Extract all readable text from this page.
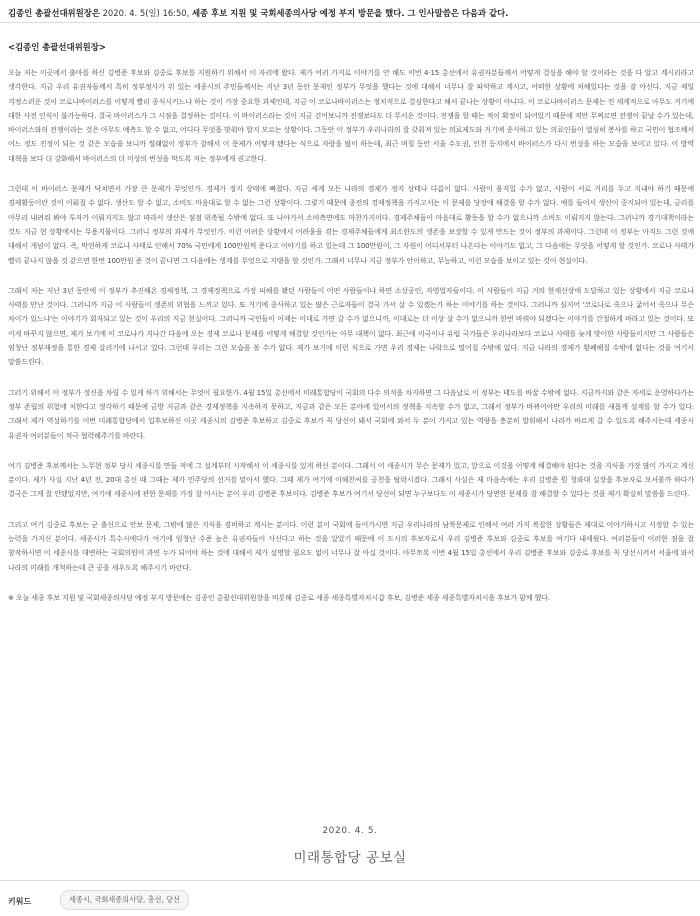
김종인 총괄선대위원장은 2020. 4. 5(일) 16:50, 세종 후보 지원 및 국회세종의사당 예정 부지 방문을 했다. 그 인사말씀은 다음과 같다.
<김종인 총괄선대위원장>

오늘 저는 이곳에서 출마를 하신 김병준 후보와 김중로 후보를 지원하기 위해서 이 자리에 왔다. 제가 여러 가지로 이야기를 안 해도 이번 4·15 총선에서 유권자분들께서 어떻게 결심을 해야 할 것이라는 것을 다 알고 계시리라고 생각한다. 지금 우리 유권자들께서 특히 정부정사가 위 있는 세종시의 주민들께서는 지난 3년 동안 문재인 정부가 무엇을 했다는 것에 대해서 너무나 잘 파악하고 계시고, 어떠한 상황에 처해있다는 것을 잘 아신다. 지금 제일 걱정스러운 것이 코로나바이러스를 어떻게 빨리 종식시키느냐 하는 것이 가장 중요한 과제인데, 지금 이 코로나바이러스는 정치적으로 결심한다고 해서 끝나는 상황이 아니다. 이 코로나바이러스 문제는 전 세계적으로 아무도 거기에 대한 사전 인식이 불가능하다. 결국 바이러스가 그 시점을 결정하는 것이다. 이 바이러스라는 것이 지금 걷어보니까 전쟁보다도 더 무서운 것이다. 전쟁을 할 때는 적이 확정이 되어있기 때문에 적만 무찌르면 전쟁이 끝날 수가 있는데, 바이러스와의 전쟁이라는 것은 아무도 예측도 할 수 없고, 어디다 무엇을 맞춰야 할지 모르는 상황이다. 그동안 이 정부가 우리나라의 잘 갖춰져 있는 의료제도와 거기에 종사하고 있는 의료인들이 열심히 봉사를 하고 국민이 협조해서 어느 정도 진정이 되는 것 같은 모습을 보니까 썰래없이 정부가 잘해서 이 문제가 어떻게 됐다는 식으로 자랑을 많이 하는데, 최근 며칠 동안 서울 수도권, 인천 등지에서 바이러스가 다시 번성을 하는 모습을 보이고 있다. 이 방역 대책을 보다 더 강화해서 바이러스의 더 이상의 번성을 막도록 저는 정부에게 권고한다.

그런데 이 바이러스 문제가 닥치면서 가장 큰 문제가 무엇인가. 경제가 정지 상태에 빠졌다. 지금 세계 모든 나라의 경제가 정지 상태나 다름이 없다. 사람이 움직일 수가 없고, 사람이 서로 거리를 두고 지내야 하기 때문에 경제활동이란 것이 이뤄질 수 없다. 생산도 할 수 없고, 소비도 마음대로 할 수 없는 그런 상황이다. 그렇기 때문에 종전의 경제정책을 가지고서는 이 문제를 당장에 해결을 할 수가 없다. 예를 들어서 생산이 중지되어 있는데, 금리를 아무리 내려줘 봐야 투자가 이뤄지지도 않고 따라서 생산은 점점 위축될 수밖에 없다. 또 나아가서 소비측면에도 마찬가지이다. 경제주체들이 마음대로 활동을 할 수가 없으니까 소비도 이뤄지지 않는다. 그러니까 경기대책이라는 것도 지금 현 상황에서는 무용지물이다. 그러니 정부의 과제가 무엇인가. 이런 어려운 상황에서 어려움을 겪는 경제주체들에게 최소한도의 생존을 보장할 수 있게 만드는 것이 정부의 과제이다. 그런데 이 정부는 아직도 그런 것에 대해서 개념이 없다. 즉, 막연하게 코로나 사태로 인해서 70% 국민에게 100만원씩 준다고 이야기를 하고 있는데 그 100만원이, 그 자원이 어디서부터 나온다는 이야기도 없고, 그 다음에는 무엇을 어떻게 할 것인가. 코로나 사태가 빨리 끝나지 않을 것 같으면 한번 100만원 준 것이 끝나면 그 다음에는 생계를 무엇으로 지탱을 할 것인가. 그래서 너무나 지금 정부가 안이하고, 무능하고, 이런 모습을 보이고 있는 것이 현실이다.

그래서 저는 지난 3년 동안에 이 정부가 추진해온 경제정책, 그 경제정책으로 가장 피해를 봤던 사람들이 어떤 사람들이냐 하면 소상공인, 자영업자들이다. 이 사람들이 지금 거의 한계선상에 도달하고 있는 상황에서 지금 코로나 사태를 만난 것이다. 그러니까 지금 이 사람들이 생존의 위협을 느끼고 있다. 또 거기에 종사하고 있는 많은 근로자들이 결국 가서 살 수 있겠는가 하는 이야기를 하는 것이다. 그러니까 심지어 '코로나로 죽으나 굶어서 죽으나 무슨 차이가 있느냐'는 이야기가 회자되고 있는 것이 우리의 지금 현실이다. 그러니까 국민들이 이제는 이대로 가면 갈 수가 없으니까, 이대로는 더 이상 살 수가 없으니까 한번 바꿔야 되겠다는 이야기를 간절하게 바라고 있는 것이다. 또 이게 바꾸지 않으면, 제가 보기에 이 코로나가 지나간 다음에 오는 경제 코로나 문제를 어떻게 해결할 것인가는 아무 대책이 없다. 최근에 미국이나 유럽 국가들은 우리나라보다 코로나 사태를 늦게 맞이한 사람들이지만 그 사람들은 엄청난 정부재정을 통한 경제 살리기에 나서고 있다. 그런데 우리는 그런 모습을 볼 수가 없다. 제가 보기에 이런 식으로 가면 우리 경제는 나락으로 떨어질 수밖에 없다. 지금 나라의 경제가 황폐해질 수밖에 없다는 것을 여기서 말씀드린다.

그러기 위해서 이 정부가 정신을 차릴 수 있게 하기 위해서는 무엇이 필요한가. 4월 15일 총선에서 미래통합당이 국회의 다수 의석을 차지하면 그 다음날로 이 정부는 태도를 바꿀 수밖에 없다. 지금까지와 같은 자세로 운영하다가는 정부 존립의 위험에 처한다고 생각하기 때문에 금방 지금과 같은 경제정책을 지속하지 못하고, 지금과 같은 모든 분야에 있어서의 정책을 지속할 수가 없고, 그래서 정부가 바뀌어야만 우리의 미래를 새롭게 설계를 할 수가 있다. 그래서 제가 역설하기를 이번 미래통합당에서 입후보하신 이곳 세종시의 김병준 후보하고 김중로 후보가 꼭 당선이 돼서 국회에 와서 두 분이 가지고 있는 역량을 충분히 발휘해서 나라가 바르게 갈 수 있도록 해주시는데 세종시 유권자 여러분들이 적극 협력해주기를 바란다.

여기 김병준 후보께서는 노무현 정부 당시 세종시를 만들 적에 그 설계부터 시작해서 이 세종시를 있게 하신 분이다. 그래서 이 세종시가 무슨 문제가 있고, 앞으로 이것을 어떻게 해결해야 된다는 것을 지식을 가장 많이 가지고 계신 분이다. 제가 사실 지난 4년 전, 20대 총선 때 그때는 제가 민주당의 선거를 맡아서 했다. 그때 제가 여기에 이해찬씨를 공천을 탈락시켰다. 그래서 사실은 제 마음속에는 우리 김병준 뭔 청와대 실장을 후보자로 모셔볼까 하다가 결국은 그게 잘 안됐었지만, 여기에 세종시에 관한 문제를 가장 잘 아시는 분이 우리 김병준 후보이다. 김병준 후보가 여기서 당선이 되면 누구보다도 이 세종시가 당면한 문제를 잘 해결할 수 있다는 것을 제가 확실히 말씀을 드린다.

그리고 여기 김중로 후보는 군 출신으로 안보 문제, 그밖에 많은 지식을 겸비하고 계시는 분이다. 이런 분이 국회에 들어가시면 지금 우리나라의 남북문제로 인해서 여러 가지 복잡한 상황들은 제대로 이야기하시고 시정할 수 있는 능력을 가지신 분이다. 세종시가 특수시에다가 여기에 엄청난 수준 높은 유권자들이 사신다고 하는 것을 알았기 때문에 이 도시의 후보자로서 우리 김병준 후보와 김중로 후보를 여기다 내세웠다. 여러분들이 이러한 점을 잘 참작하시면 이 세종시를 대변하는 국회의원이 과연 누가 되어야 하는 것에 대해서 제가 설명할 필요도 없이 너무나 잘 아실 것이다. 아무쪼록 이번 4월 15일 총선에서 우리 김병준 후보와 김중로 후보를 꼭 당선시켜서 서울에 와서 나라의 미래를 개척하는데 큰 공을 세우도록 해주시기 바란다.

※ 오늘 세종 후보 지원 및 국회세종의사당 예정 부지 방문에는 김종인 총괄선대위원장을 비롯해 김중로 세종 세종특별자치시갑 후보, 김병준 세종 세종특별자치시을 후보가 함께 했다.

2020. 4. 5.
미래통합당 공보실
키워드	세종시, 국회세종의사당, 총선, 당선
